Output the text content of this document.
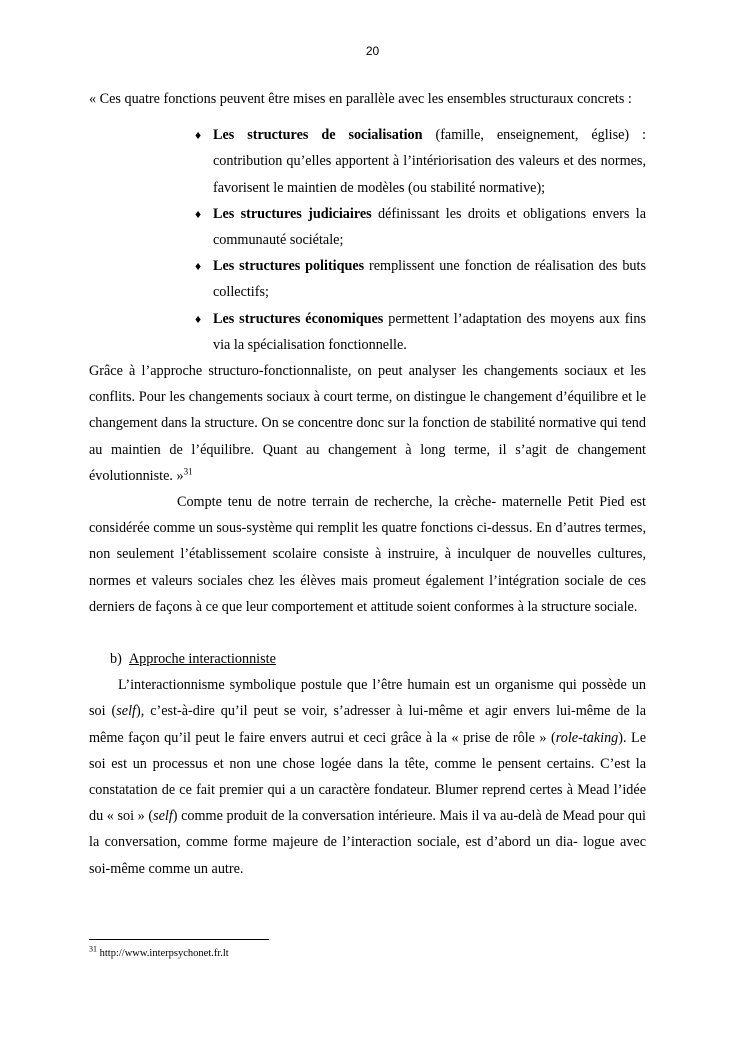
20

« Ces quatre fonctions peuvent être mises en parallèle avec les ensembles structuraux concrets :

♦ Les structures de socialisation (famille, enseignement, église) : contribution qu’elles apportent à l’intériorisation des valeurs et des normes, favorisent le maintien de modèles (ou stabilité normative);
♦ Les structures judiciaires définissant les droits et obligations envers la communauté sociétale;
♦ Les structures politiques remplissent une fonction de réalisation des buts collectifs;
♦ Les structures économiques permettent l’adaptation des moyens aux fins via la spécialisation fonctionnelle.

Grâce à l’approche structuro-fonctionnaliste, on peut analyser les changements sociaux et les conflits. Pour les changements sociaux à court terme, on distingue le changement d’équilibre et le changement dans la structure. On se concentre donc sur la fonction de stabilité normative qui tend au maintien de l’équilibre. Quant au changement à long terme, il s’agit de changement évolutionniste. »$^{31}$

Compte tenu de notre terrain de recherche, la crèche- maternelle Petit Pied est considérée comme un sous-système qui remplit les quatre fonctions ci-dessus. En d’autres termes, non seulement l’établissement scolaire consiste à instruire, à inculquer de nouvelles cultures, normes et valeurs sociales chez les élèves mais promeut également l’intégration sociale de ces derniers de façons à ce que leur comportement et attitude soient conformes à la structure sociale.

b) Approche interactionniste

L’interactionnisme symbolique postule que l’être humain est un organisme qui possède un soi (self), c’est-à-dire qu’il peut se voir, s’adresser à lui-même et agir envers lui-même de la même façon qu’il peut le faire envers autrui et ceci grâce à la « prise de rôle » (role-taking). Le soi est un processus et non une chose logée dans la tête, comme le pensent certains. C’est la constatation de ce fait premier qui a un caractère fondateur. Blumer reprend certes à Mead l’idée du « soi » (self) comme produit de la conversation intérieure. Mais il va au-delà de Mead pour qui la conversation, comme forme majeure de l’interaction sociale, est d’abord un dia- logue avec soi-même comme un autre.

$^{31}$ http://www.interpsychonet.fr.lt
